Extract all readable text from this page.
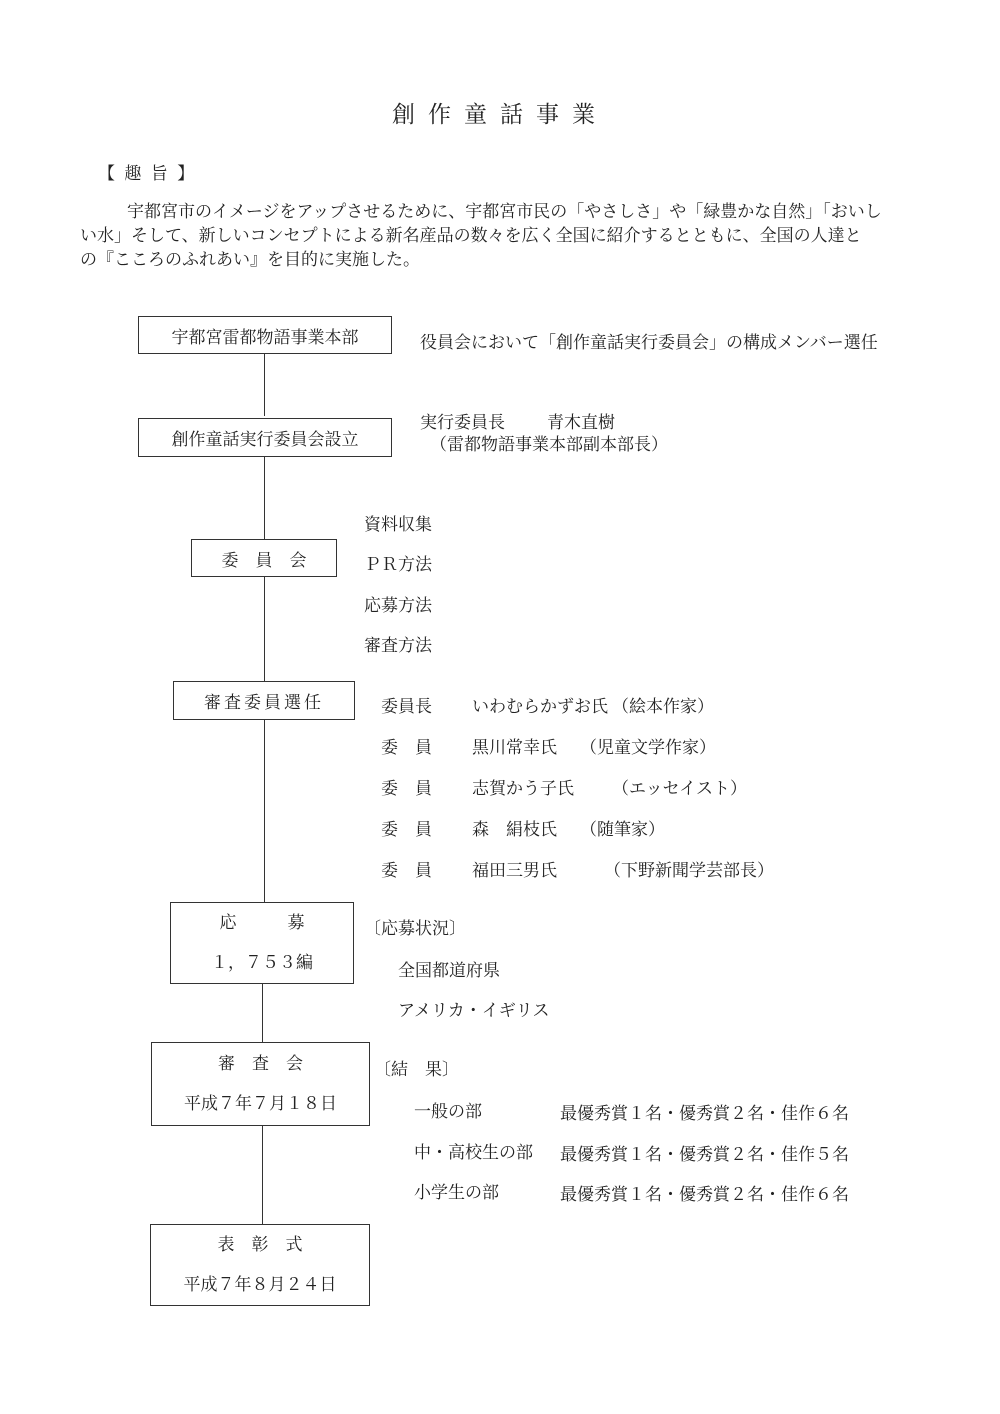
創作童話事業
【 趣 旨 】
宇都宮市のイメージをアップさせるために、宇都宮市民の「やさしさ」や「緑豊かな自然」「おいし
い水」そして、新しいコンセプトによる新名産品の数々を広く全国に紹介するとともに、全国の人達と
の『こころのふれあい』を目的に実施した。
宇都宮雷都物語事業本部	役員会において「創作童話実行委員会」の構成メンバー選任
創作童話実行委員会設立
実行委員長 青木直樹
（雷都物語事業本部副本部長）
委　員　会
資料収集
ＰＲ方法
応募方法
審査方法
審査委員選任	委員長 いわむらかずお氏 （絵本作家）
委　員 黒川常幸氏 （児童文学作家）
委　員 志賀かう子氏 （エッセイスト）
委　員 森　絹枝氏 （随筆家）
委　員 福田三男氏	（下野新聞学芸部長）
応　　　募
１，７５３編
〔応募状況〕
全国都道府県
アメリカ・イギリス
審　査　会
平成７年７月１８日
〔結　果〕
一般の部	最優秀賞１名・優秀賞２名・佳作６名
中・高校生の部 最優秀賞１名・優秀賞２名・佳作５名
小学生の部	最優秀賞１名・優秀賞２名・佳作６名
表　彰　式
平成７年８月２４日
